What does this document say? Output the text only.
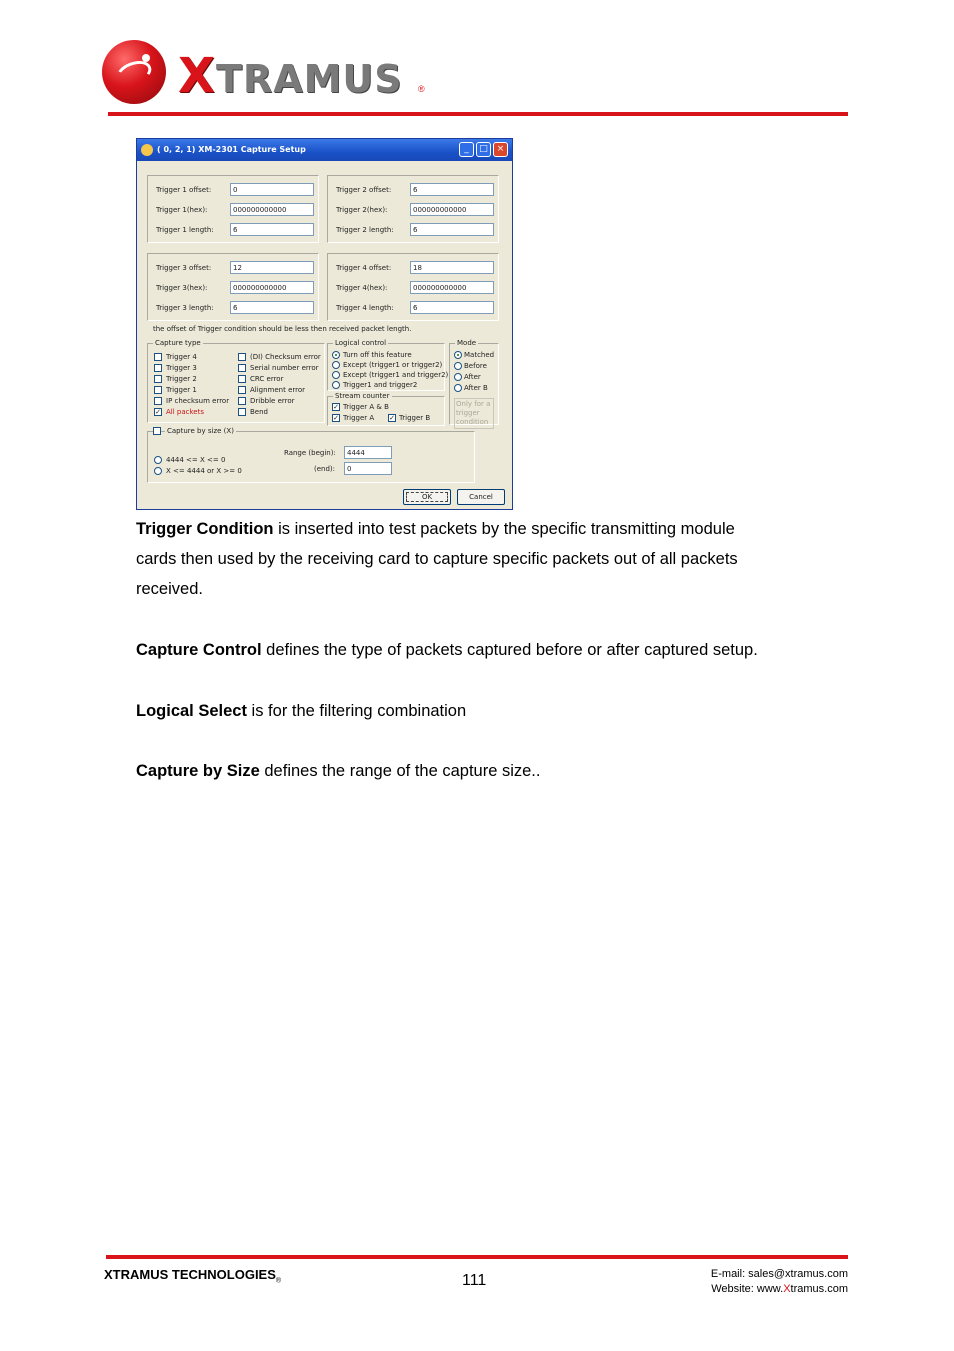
XTRAMUS ®
( 0, 2, 1) XM-2301 Capture Setup	_	□ ×
Trigger 1 offset:	0
Trigger 1(hex):	000000000000
Trigger 1 length:	6
Trigger 2 offset:	6
Trigger 2(hex):	000000000000
Trigger 2 length:	6
Trigger 3 offset:	12
Trigger 3(hex):	000000000000
Trigger 3 length:	6
Trigger 4 offset:	18
Trigger 4(hex):	000000000000
Trigger 4 length:	6
the offset of Trigger condition should be less then received packet length.
Capture type
Trigger 4
Trigger 3
Trigger 2
Trigger 1
IP checksum error
✓ All packets
(DI) Checksum error
Serial number error
CRC error
Alignment error
Dribble error
Bend
Logical control
Turn off this feature
Except (trigger1 or trigger2)
Except (trigger1 and trigger2)
Trigger1 and trigger2
Stream counter
✓ Trigger A & B
✓ Trigger A ✓ Trigger B
Mode
Matched
Before
After
After B
Only for a trigger condition
Capture by size (X)
4444 <= X <= 0
X <= 4444 or X >= 0
Range (begin):	4444
(end):	0
OK	Cancel
Trigger Condition is inserted into test packets by the specific transmitting module
cards then used by the receiving card to capture specific packets out of all packets
received.
Capture Control defines the type of packets captured before or after captured setup.
Logical Select is for the filtering combination
Capture by Size defines the range of the capture size..
XTRAMUS $TECHNOLOGIES_®$	111	E-mail: sales@xtramus.com
Website: www.Xtramus.com
